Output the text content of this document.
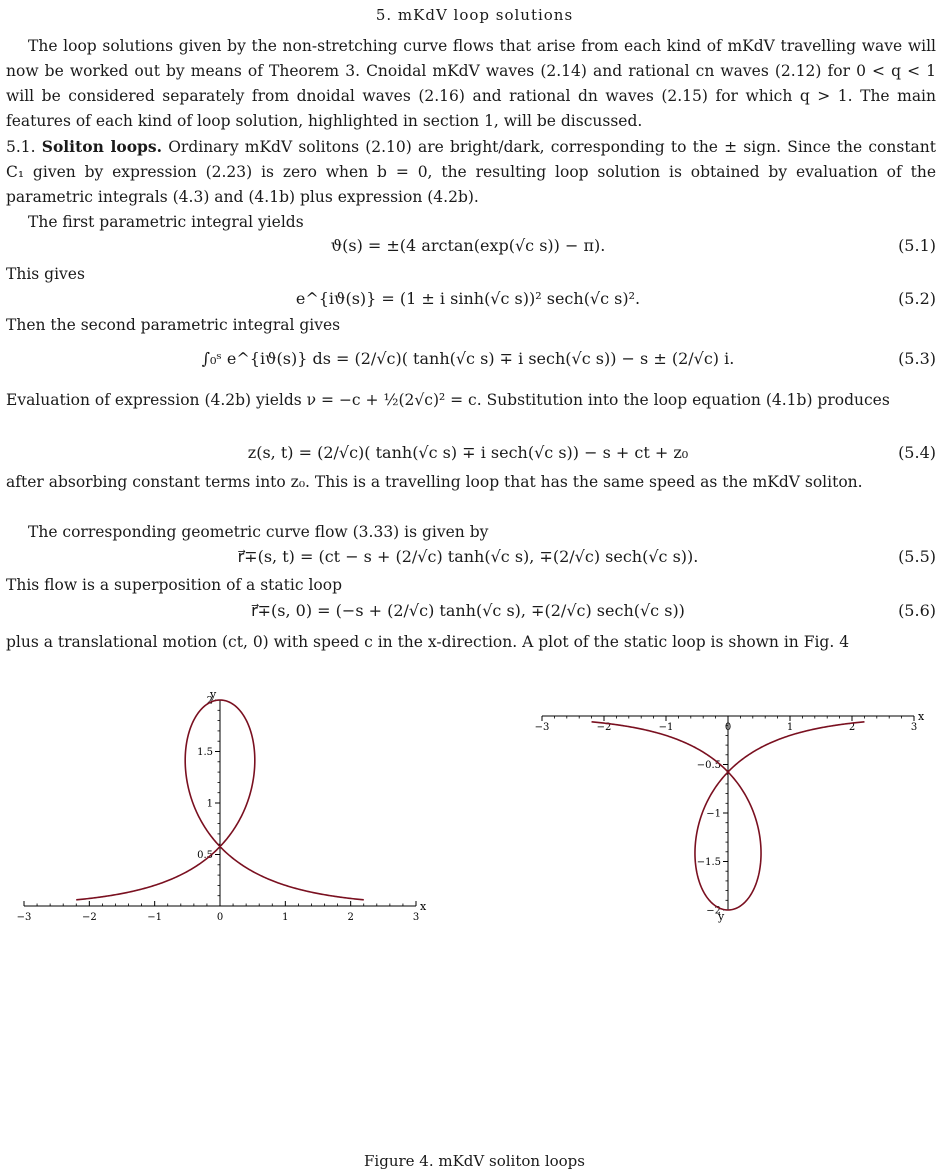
5. mKdV loop solutions

The loop solutions given by the non-stretching curve flows that arise from each kind of mKdV travelling wave will now be worked out by means of Theorem 3. Cnoidal mKdV waves (2.14) and rational cn waves (2.12) for 0 < q < 1 will be considered separately from dnoidal waves (2.16) and rational dn waves (2.15) for which q > 1. The main features of each kind of loop solution, highlighted in section 1, will be discussed.

5.1. Soliton loops. Ordinary mKdV solitons (2.10) are bright/dark, corresponding to the ± sign. Since the constant C₁ given by expression (2.23) is zero when b = 0, the resulting loop solution is obtained by evaluation of the parametric integrals (4.3) and (4.1b) plus expression (4.2b).

The first parametric integral yields

ϑ(s) = ±(4 arctan(exp(√c s)) − π).	(5.1)

This gives

e^{iϑ(s)} = (1 ± i sinh(√c s))² sech(√c s)².	(5.2)

Then the second parametric integral gives

∫₀ˢ e^{iϑ(s)} ds = (2/√c)( tanh(√c s) ∓ i sech(√c s)) − s ± (2/√c) i.	(5.3)

Evaluation of expression (4.2b) yields ν = −c + ½(2√c)² = c. Substitution into the loop equation (4.1b) produces

z(s, t) = (2/√c)( tanh(√c s) ∓ i sech(√c s)) − s + ct + z₀	(5.4)

after absorbing constant terms into z₀. This is a travelling loop that has the same speed as the mKdV soliton.

The corresponding geometric curve flow (3.33) is given by

r⃗∓(s, t) = (ct − s + (2/√c) tanh(√c s), ∓(2/√c) sech(√c s)).	(5.5)

This flow is a superposition of a static loop

r⃗∓(s, 0) = (−s + (2/√c) tanh(√c s), ∓(2/√c) sech(√c s))	(5.6)

plus a translational motion (ct, 0) with speed c in the x-direction. A plot of the static loop is shown in Fig. 4

−3	−2	−1	0	1	2	3
0.5
1
1.5
2
x
y
−3	−2	−1	0	1	2	3
−0.5
−1
−1.5
−2
x
y
Figure 4. mKdV soliton loops
